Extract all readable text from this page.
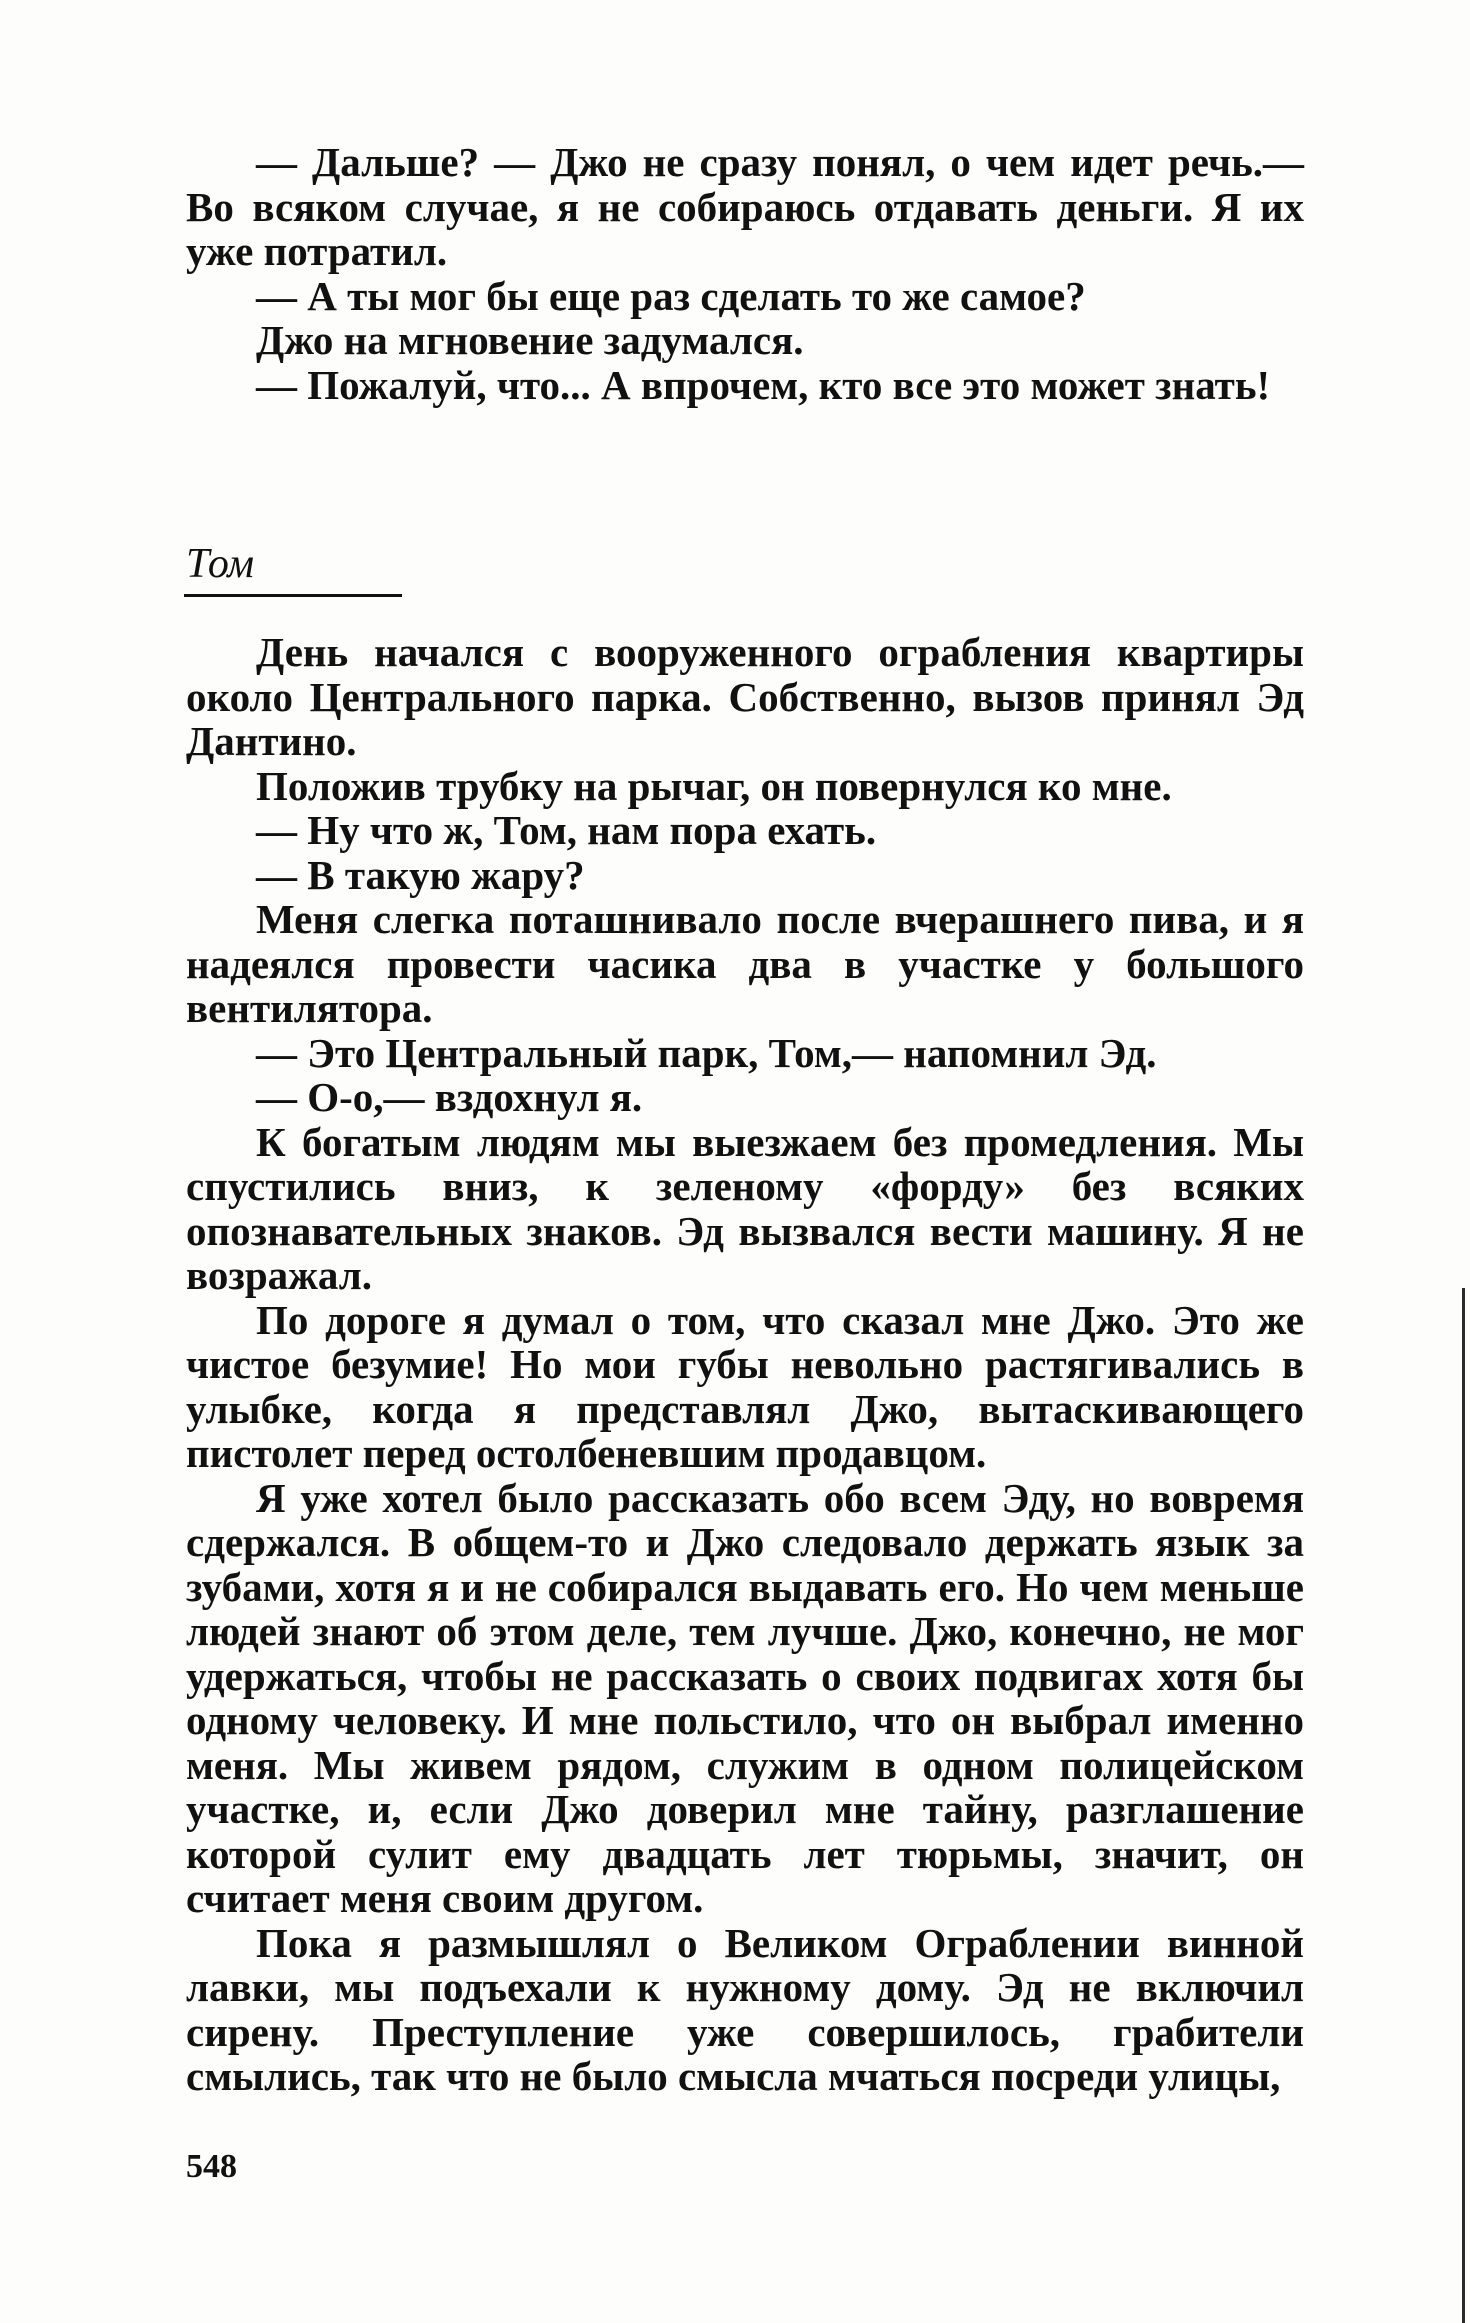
— Дальше? — Джо не сразу понял, о чем идет речь.— Во всяком случае, я не собираюсь отдавать деньги. Я их уже потратил.

— А ты мог бы еще раз сделать то же самое?

Джо на мгновение задумался.

— Пожалуй, что... А впрочем, кто все это может знать!

Том

День начался с вооруженного ограбления квартиры около Центрального парка. Собственно, вызов принял Эд Дантино.

Положив трубку на рычаг, он повернулся ко мне.

— Ну что ж, Том, нам пора ехать.

— В такую жару?

Меня слегка поташнивало после вчерашнего пива, и я надеялся провести часика два в участке у большого вентилятора.

— Это Центральный парк, Том,— напомнил Эд.

— О-о,— вздохнул я.

К богатым людям мы выезжаем без промедления. Мы спустились вниз, к зеленому «форду» без всяких опознавательных знаков. Эд вызвался вести машину. Я не возражал.

По дороге я думал о том, что сказал мне Джо. Это же чистое безумие! Но мои губы невольно растягивались в улыбке, когда я представлял Джо, вытаскивающего пистолет перед остолбеневшим продавцом.

Я уже хотел было рассказать обо всем Эду, но вовремя сдержался. В общем-то и Джо следовало держать язык за зубами, хотя я и не собирался выдавать его. Но чем меньше людей знают об этом деле, тем лучше. Джо, конечно, не мог удержаться, чтобы не рассказать о своих подвигах хотя бы одному человеку. И мне польстило, что он выбрал именно меня. Мы живем рядом, служим в одном полицейском участке, и, если Джо доверил мне тайну, разглашение которой сулит ему двадцать лет тюрьмы, значит, он считает меня своим другом.

Пока я размышлял о Великом Ограблении винной лавки, мы подъехали к нужному дому. Эд не включил сирену. Преступление уже совершилось, грабители смылись, так что не было смысла мчаться посреди улицы,

548
